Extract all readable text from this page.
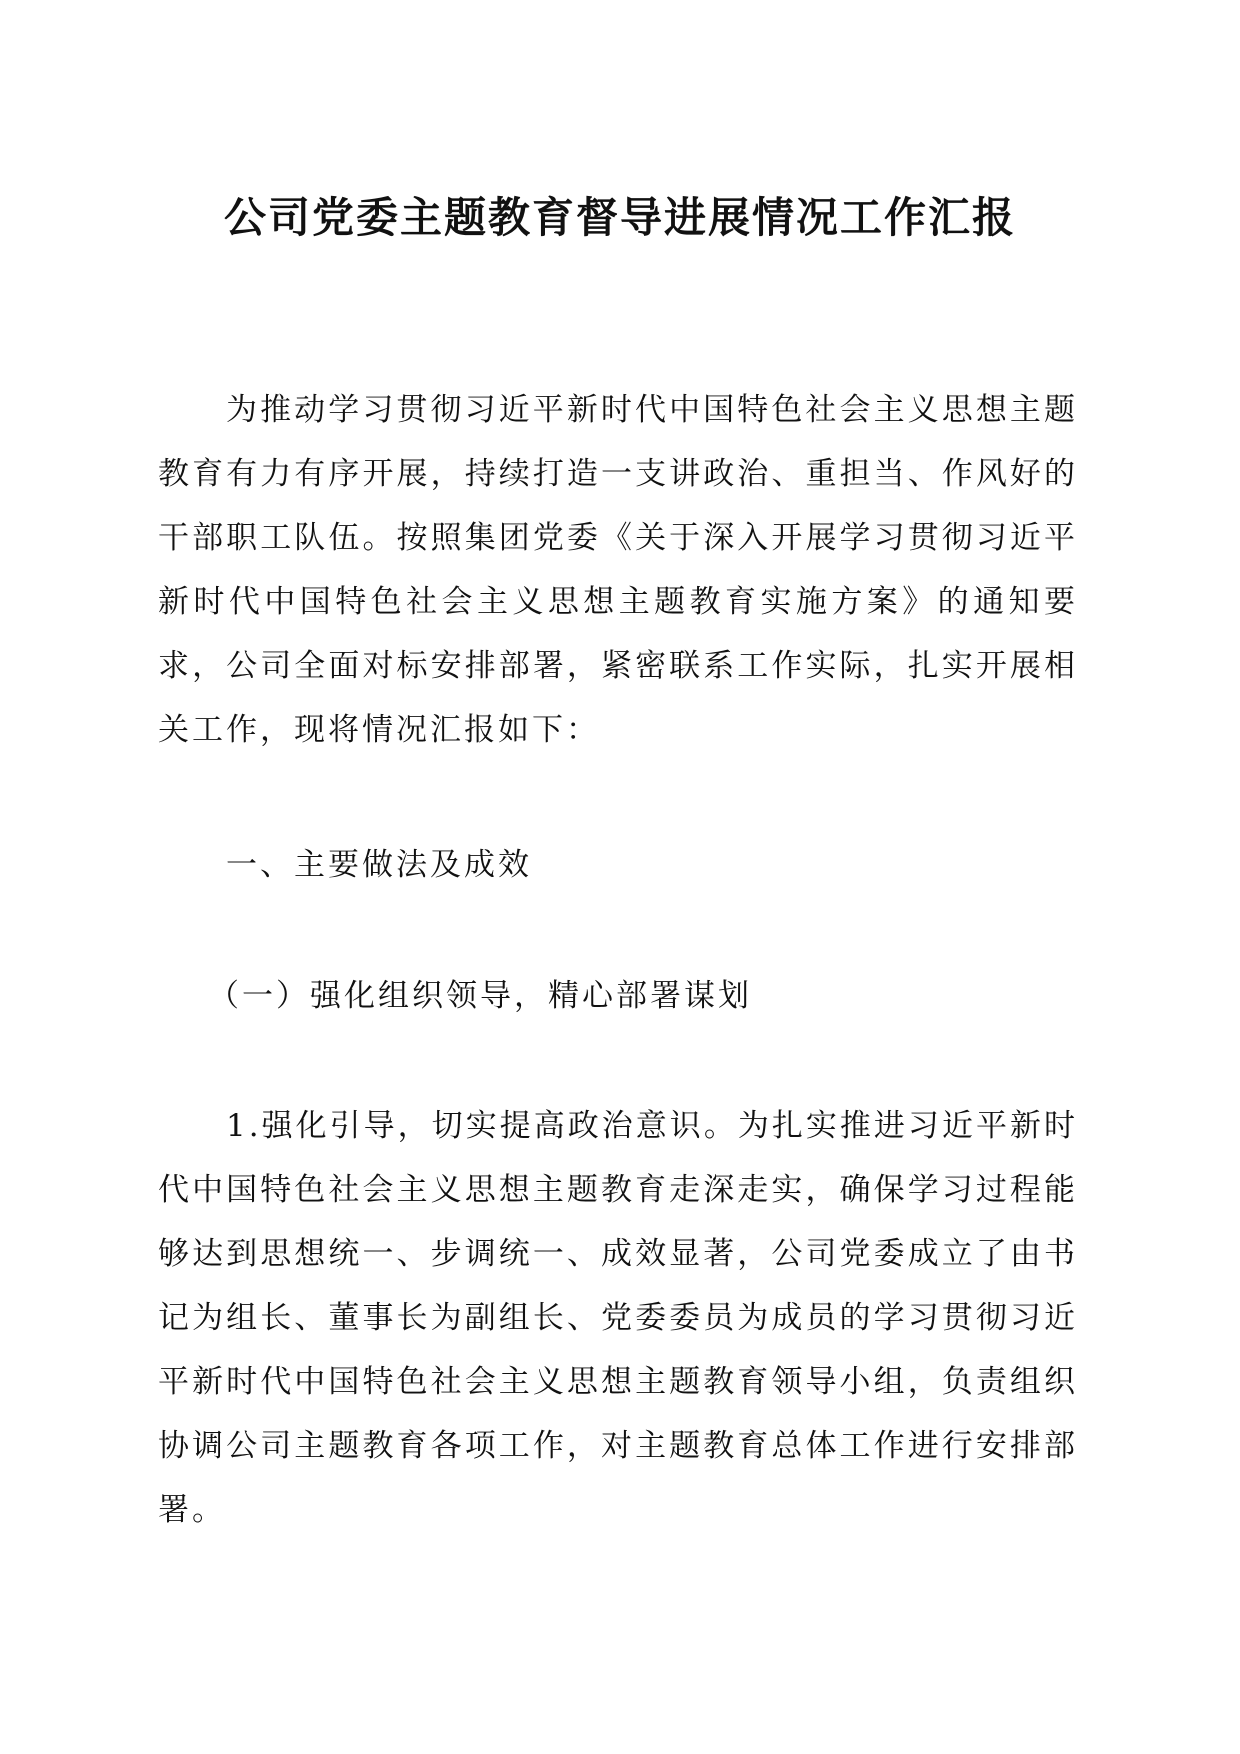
公司党委主题教育督导进展情况工作汇报

为推动学习贯彻习近平新时代中国特色社会主义思想主题教育有力有序开展，持续打造一支讲政治、重担当、作风好的干部职工队伍。按照集团党委《关于深入开展学习贯彻习近平新时代中国特色社会主义思想主题教育实施方案》的通知要求，公司全面对标安排部署，紧密联系工作实际，扎实开展相关工作，现将情况汇报如下：

一、主要做法及成效

（一）强化组织领导，精心部署谋划

1.强化引导，切实提高政治意识。为扎实推进习近平新时代中国特色社会主义思想主题教育走深走实，确保学习过程能够达到思想统一、步调统一、成效显著，公司党委成立了由书记为组长、董事长为副组长、党委委员为成员的学习贯彻习近平新时代中国特色社会主义思想主题教育领导小组，负责组织协调公司主题教育各项工作，对主题教育总体工作进行安排部署。
